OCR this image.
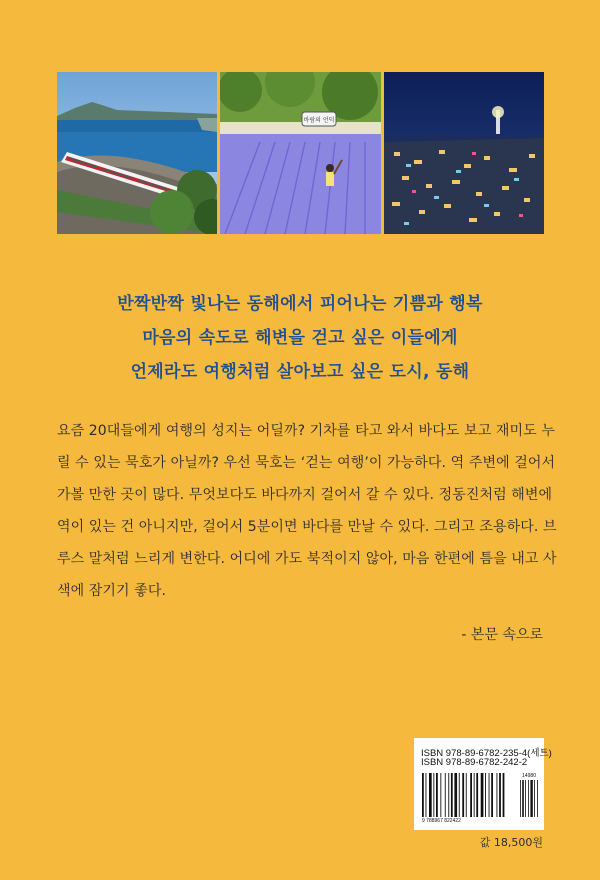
바람의 언덕
반짝반짝 빛나는 동해에서 피어나는 기쁨과 행복
마음의 속도로 해변을 걷고 싶은 이들에게
언제라도 여행처럼 살아보고 싶은 도시, 동해
요즘 20대들에게 여행의 성지는 어딜까? 기차를 타고 와서 바다도 보고 재미도 누
릴 수 있는 묵호가 아닐까? 우선 묵호는 ‘걷는 여행’이 가능하다. 역 주변에 걸어서
가볼 만한 곳이 많다. 무엇보다도 바다까지 걸어서 갈 수 있다. 정동진처럼 해변에
역이 있는 건 아니지만, 걸어서 5분이면 바다를 만날 수 있다. 그리고 조용하다. 브
루스 말처럼 느리게 변한다. 어디에 가도 북적이지 않아, 마음 한편에 틈을 내고 사
색에 잠기기 좋다.
- 본문 속으로
ISBN 978-89-6782-235-4(세트)
ISBN 978-89-6782-242-2
14980
9 788967 822422
값 18,500원
